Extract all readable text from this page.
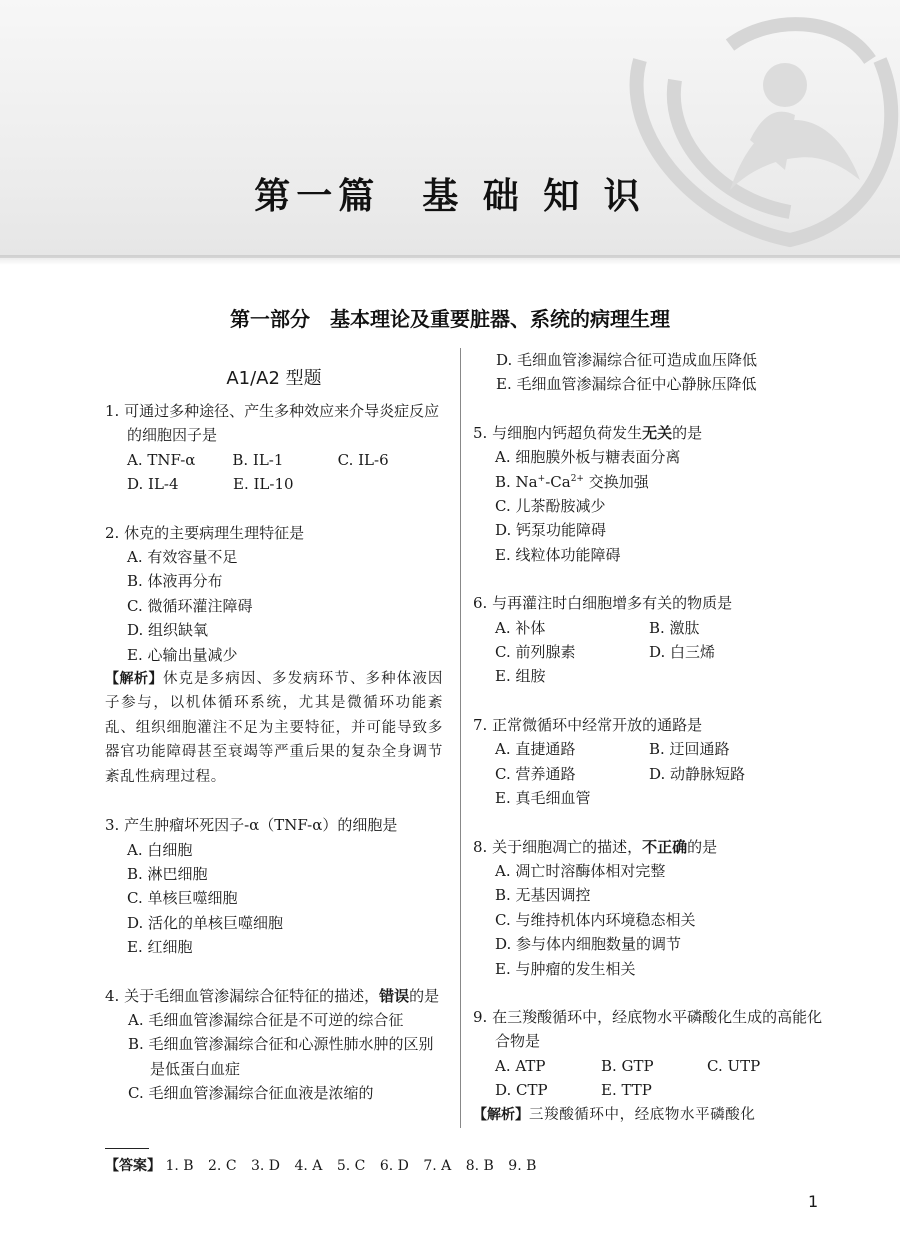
第一篇　基 础 知 识
第一部分　基本理论及重要脏器、系统的病理生理
A1/A2 型题
1. 可通过多种途径、产生多种效应来介导炎症反应的细胞因子是
A. TNF-α	B. IL-1	C. IL-6
D. IL-4	E. IL-10
2. 休克的主要病理生理特征是
A. 有效容量不足
B. 体液再分布
C. 微循环灌注障碍
D. 组织缺氧
E. 心输出量减少
【解析】休克是多病因、多发病环节、多种体液因子参与，以机体循环系统，尤其是微循环功能紊乱、组织细胞灌注不足为主要特征，并可能导致多器官功能障碍甚至衰竭等严重后果的复杂全身调节紊乱性病理过程。
3. 产生肿瘤坏死因子-α（TNF-α）的细胞是
A. 白细胞
B. 淋巴细胞
C. 单核巨噬细胞
D. 活化的单核巨噬细胞
E. 红细胞
4. 关于毛细血管渗漏综合征特征的描述，错误的是
A. 毛细血管渗漏综合征是不可逆的综合征
B. 毛细血管渗漏综合征和心源性肺水肿的区别是低蛋白血症
C. 毛细血管渗漏综合征血液是浓缩的
D. 毛细血管渗漏综合征可造成血压降低
E. 毛细血管渗漏综合征中心静脉压降低
5. 与细胞内钙超负荷发生无关的是
A. 细胞膜外板与糖表面分离
B. $Na^+-Ca^{2+}$ 交换加强
C. 儿茶酚胺减少
D. 钙泵功能障碍
E. 线粒体功能障碍
6. 与再灌注时白细胞增多有关的物质是
A. 补体	B. 激肽
C. 前列腺素	D. 白三烯
E. 组胺
7. 正常微循环中经常开放的通路是
A. 直捷通路	B. 迂回通路
C. 营养通路	D. 动静脉短路
E. 真毛细血管
8. 关于细胞凋亡的描述，不正确的是
A. 凋亡时溶酶体相对完整
B. 无基因调控
C. 与维持机体内环境稳态相关
D. 参与体内细胞数量的调节
E. 与肿瘤的发生相关
9. 在三羧酸循环中，经底物水平磷酸化生成的高能化合物是
A. ATP	B. GTP	C. UTP
D. CTP	E. TTP
【解析】三羧酸循环中，经底物水平磷酸化
【答案】 1. B 2. C 3. D 4. A 5. C 6. D 7. A 8. B 9. B
1
